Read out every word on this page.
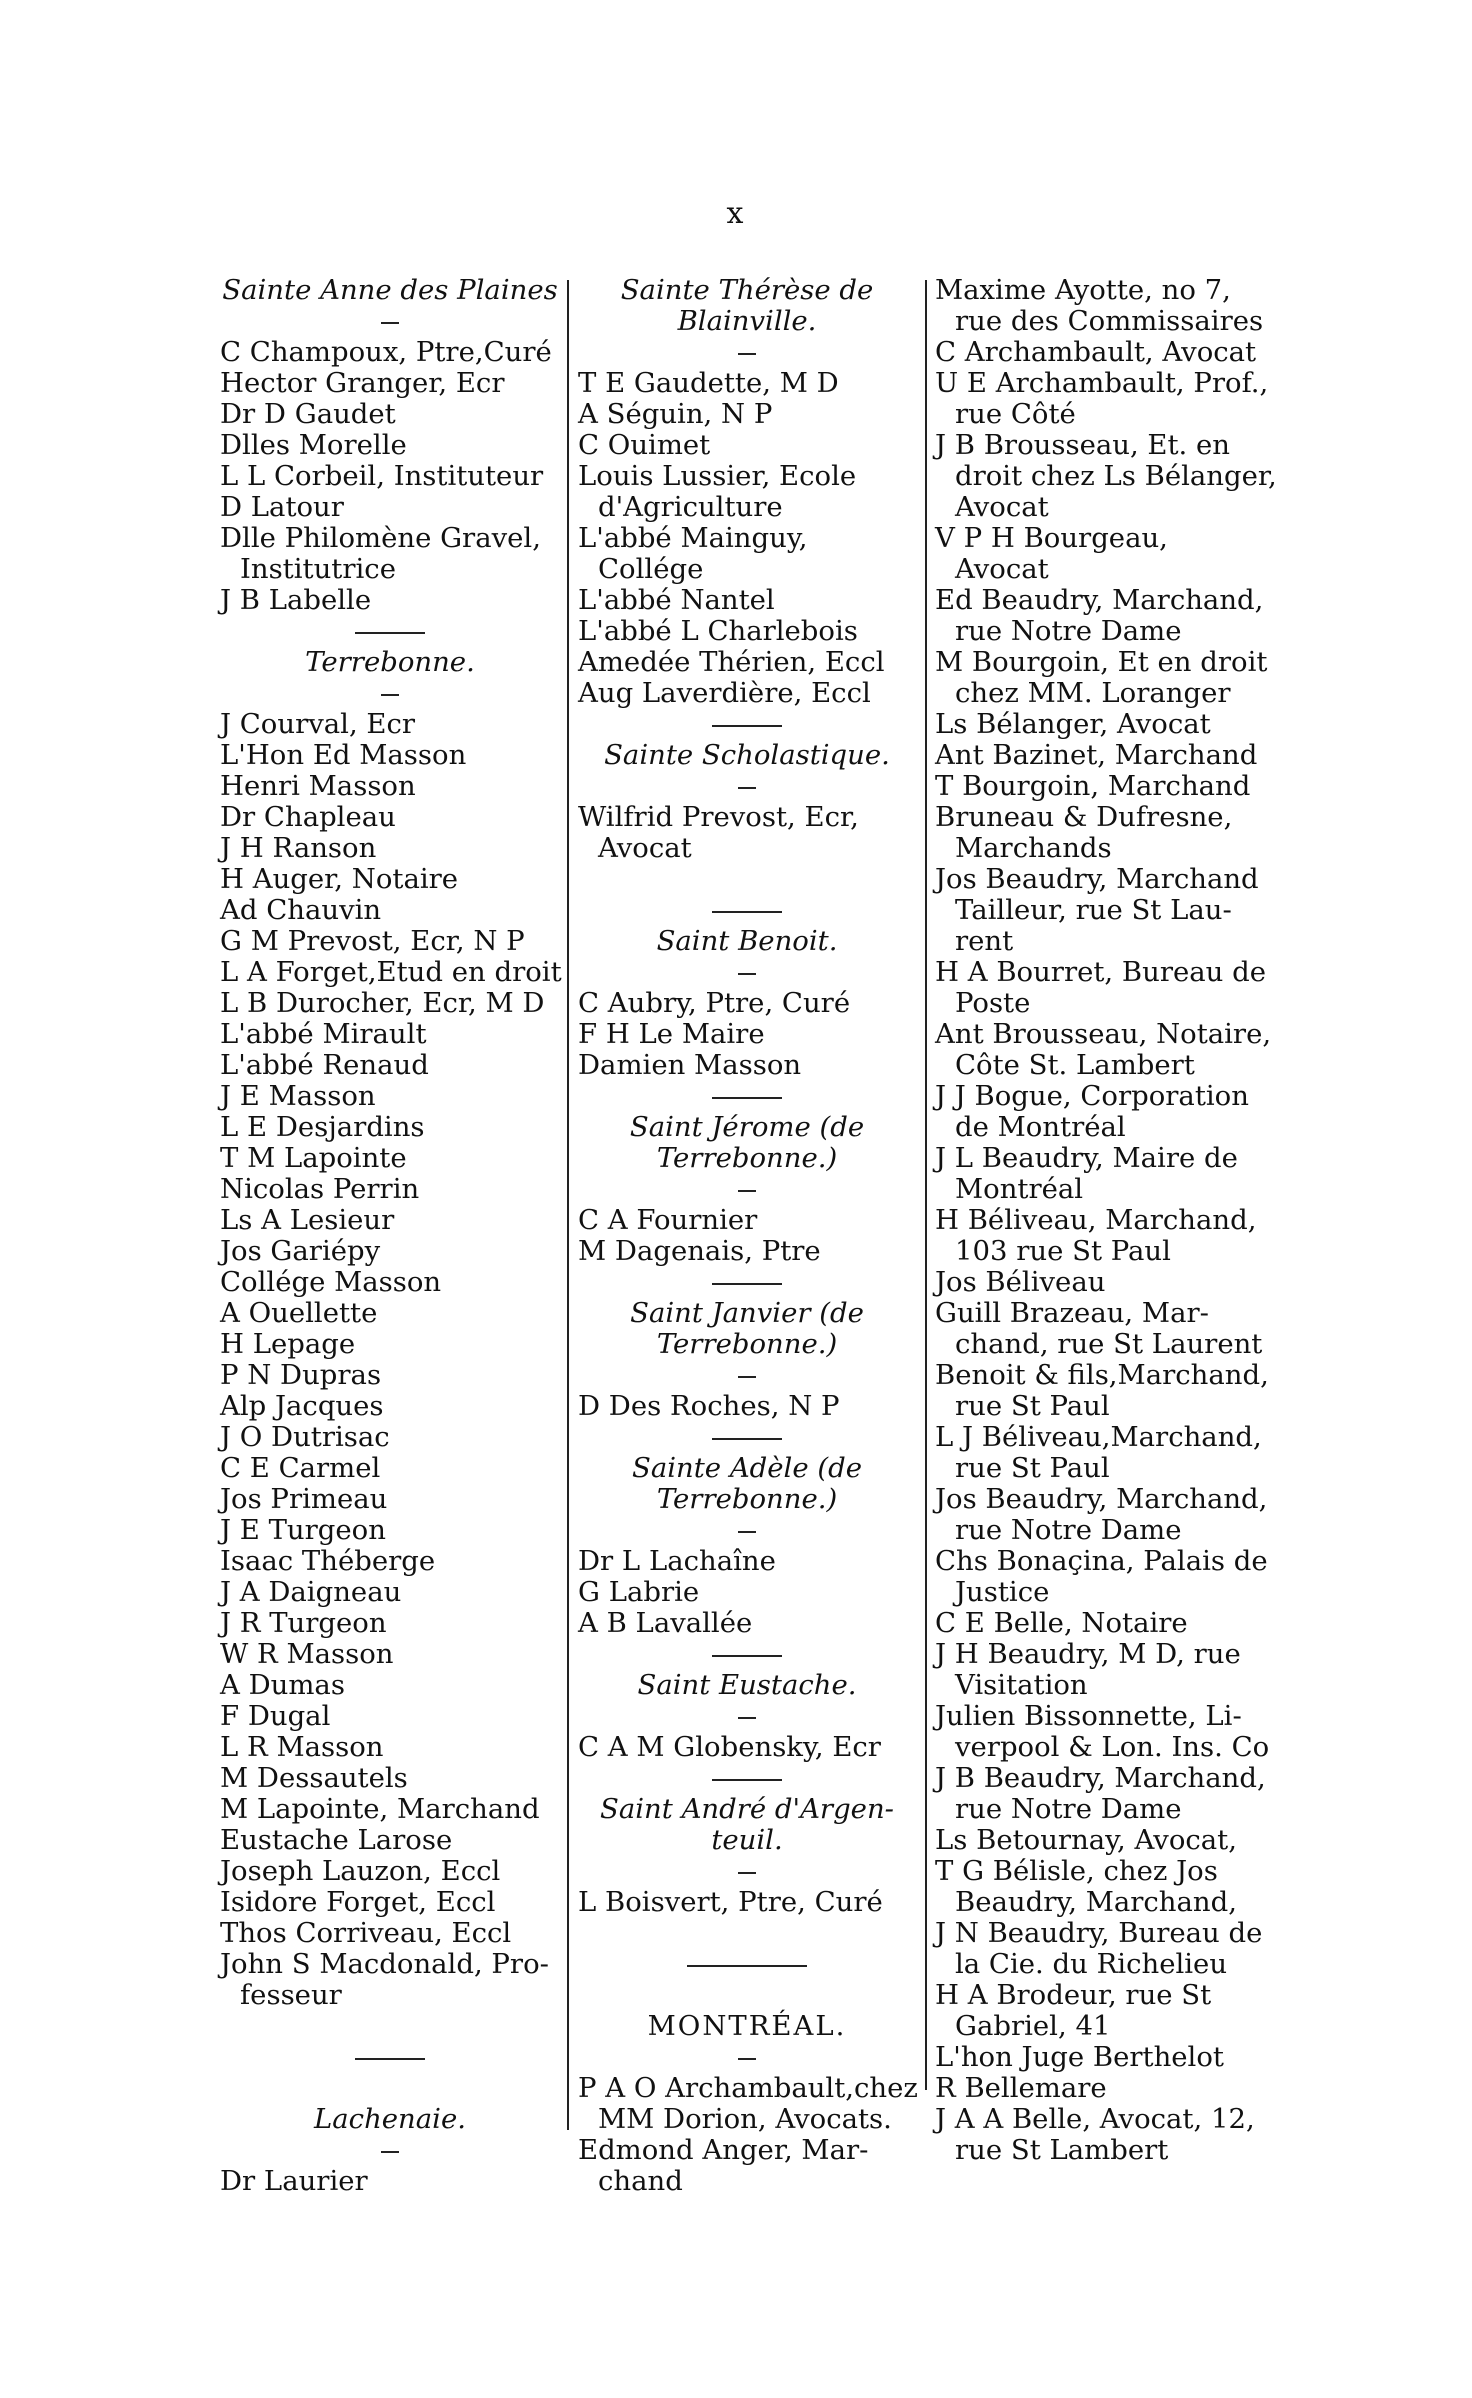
x
Sainte Anne des Plaines
C Champoux, Ptre,Curé
Hector Granger, Ecr
Dr D Gaudet
Dlles Morelle
L L Corbeil, Instituteur
D Latour
Dlle Philomène Gravel,
Institutrice
J B Labelle
Terrebonne.
J Courval, Ecr
L'Hon Ed Masson
Henri Masson
Dr Chapleau
J H Ranson
H Auger, Notaire
Ad Chauvin
G M Prevost, Ecr, N P
L A Forget,Etud en droit
L B Durocher, Ecr, M D
L'abbé Mirault
L'abbé Renaud
J E Masson
L E Desjardins
T M Lapointe
Nicolas Perrin
Ls A Lesieur
Jos Gariépy
Collége Masson
A Ouellette
H Lepage
P N Dupras
Alp Jacques
J O Dutrisac
C E Carmel
Jos Primeau
J E Turgeon
Isaac Théberge
J A Daigneau
J R Turgeon
W R Masson
A Dumas
F Dugal
L R Masson
M Dessautels
M Lapointe, Marchand
Eustache Larose
Joseph Lauzon, Eccl
Isidore Forget, Eccl
Thos Corriveau, Eccl
John S Macdonald, Pro-
fesseur
Lachenaie.
Dr Laurier
Sainte Thérèse de
Blainville.
T E Gaudette, M D
A Séguin, N P
C Ouimet
Louis Lussier, Ecole
d'Agriculture
L'abbé Mainguy,
Collége
L'abbé Nantel
L'abbé L Charlebois
Amedée Thérien, Eccl
Aug Laverdière, Eccl
Sainte Scholastique.
Wilfrid Prevost, Ecr,
Avocat
Saint Benoit.
C Aubry, Ptre, Curé
F H Le Maire
Damien Masson
Saint Jérome (de
Terrebonne.)
C A Fournier
M Dagenais, Ptre
Saint Janvier (de
Terrebonne.)
D Des Roches, N P
Sainte Adèle (de
Terrebonne.)
Dr L Lachaîne
G Labrie
A B Lavallée
Saint Eustache.
C A M Globensky, Ecr
Saint André d'Argen-
teuil.
L Boisvert, Ptre, Curé
MONTRÉAL.
P A O Archambault,chez
MM Dorion, Avocats.
Edmond Anger, Mar-
chand
Maxime Ayotte, no 7,
rue des Commissaires
C Archambault, Avocat
U E Archambault, Prof.,
rue Côté
J B Brousseau, Et. en
droit chez Ls Bélanger,
Avocat
V P H Bourgeau,
Avocat
Ed Beaudry, Marchand,
rue Notre Dame
M Bourgoin, Et en droit
chez MM. Loranger
Ls Bélanger, Avocat
Ant Bazinet, Marchand
T Bourgoin, Marchand
Bruneau & Dufresne,
Marchands
Jos Beaudry, Marchand
Tailleur, rue St Lau-
rent
H A Bourret, Bureau de
Poste
Ant Brousseau, Notaire,
Côte St. Lambert
J J Bogue, Corporation
de Montréal
J L Beaudry, Maire de
Montréal
H Béliveau, Marchand,
103 rue St Paul
Jos Béliveau
Guill Brazeau, Mar-
chand, rue St Laurent
Benoit & fils,Marchand,
rue St Paul
L J Béliveau,Marchand,
rue St Paul
Jos Beaudry, Marchand,
rue Notre Dame
Chs Bonaçina, Palais de
Justice
C E Belle, Notaire
J H Beaudry, M D, rue
Visitation
Julien Bissonnette, Li-
verpool & Lon. Ins. Co
J B Beaudry, Marchand,
rue Notre Dame
Ls Betournay, Avocat,
T G Bélisle, chez Jos
Beaudry, Marchand,
J N Beaudry, Bureau de
la Cie. du Richelieu
H A Brodeur, rue St
Gabriel, 41
L'hon Juge Berthelot
R Bellemare
J A A Belle, Avocat, 12,
rue St Lambert
